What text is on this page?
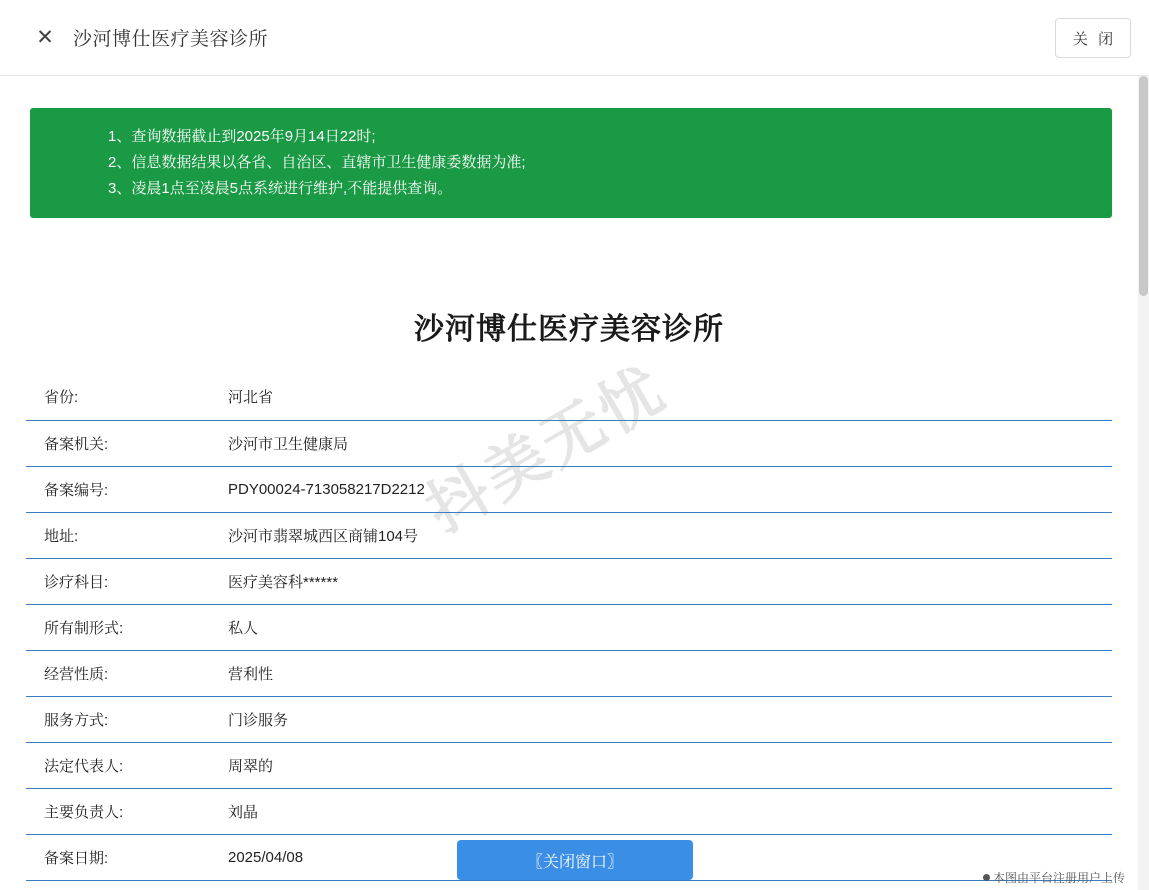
✕ 沙河博仕医疗美容诊所	关 闭
1、查询数据截止到2025年9月14日22时;
2、信息数据结果以各省、自治区、直辖市卫生健康委数据为准;
3、凌晨1点至凌晨5点系统进行维护,不能提供查询。
沙河博仕医疗美容诊所
抖美无忧
省份:	河北省
备案机关:	沙河市卫生健康局
备案编号:	PDY00024-713058217D2212
地址:	沙河市翡翠城西区商铺104号
诊疗科目:	医疗美容科******
所有制形式:	私人
经营性质:	营利性
服务方式:	门诊服务
法定代表人:	周翠的
主要负责人:	刘晶
备案日期:	2025/04/08	〖关闭窗口〗
本图由平台注册用户上传
